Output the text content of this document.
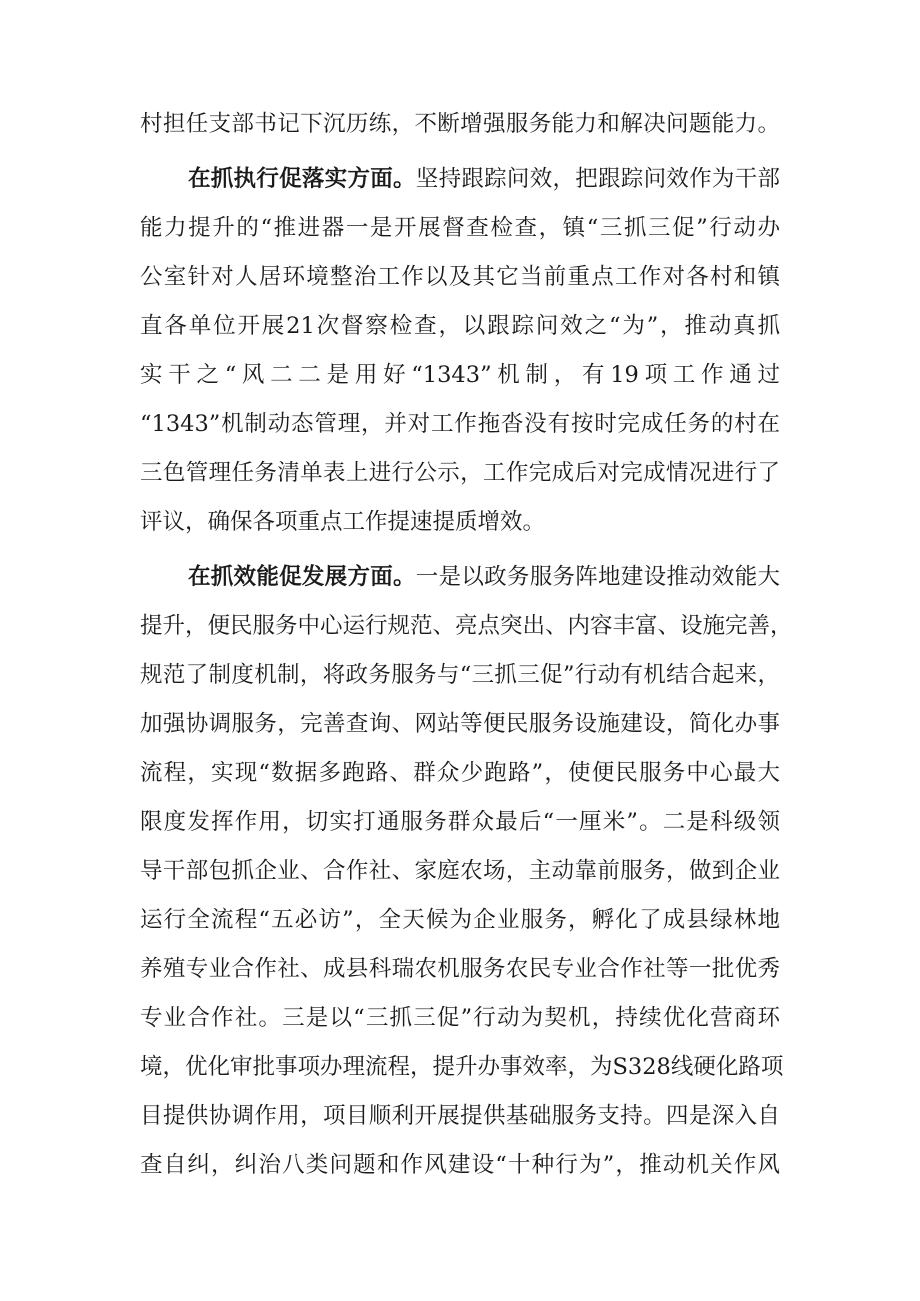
村担任支部书记下沉历练，不断增强服务能力和解决问题能力。
在抓执行促落实方面。坚持跟踪问效，把跟踪问效作为干部
能力提升的“推进器一是开展督查检查，镇“三抓三促”行动办
公室针对人居环境整治工作以及其它当前重点工作对各村和镇
直各单位开展21次督察检查，以跟踪问效之“为”，推动真抓
实干之“风二二是用好“1343”机制，有19项工作通过
“1343”机制动态管理，并对工作拖沓没有按时完成任务的村在
三色管理任务清单表上进行公示，工作完成后对完成情况进行了
评议，确保各项重点工作提速提质增效。
在抓效能促发展方面。一是以政务服务阵地建设推动效能大
提升，便民服务中心运行规范、亮点突出、内容丰富、设施完善，
规范了制度机制，将政务服务与“三抓三促”行动有机结合起来，
加强协调服务，完善查询、网站等便民服务设施建设，简化办事
流程，实现“数据多跑路、群众少跑路”，使便民服务中心最大
限度发挥作用，切实打通服务群众最后“一厘米”。二是科级领
导干部包抓企业、合作社、家庭农场，主动靠前服务，做到企业
运行全流程“五必访”，全天候为企业服务，孵化了成县绿林地
养殖专业合作社、成县科瑞农机服务农民专业合作社等一批优秀
专业合作社。三是以“三抓三促”行动为契机，持续优化营商环
境，优化审批事项办理流程，提升办事效率，为S328线硬化路项
目提供协调作用，项目顺利开展提供基础服务支持。四是深入自
查自纠，纠治八类问题和作风建设“十种行为”，推动机关作风
